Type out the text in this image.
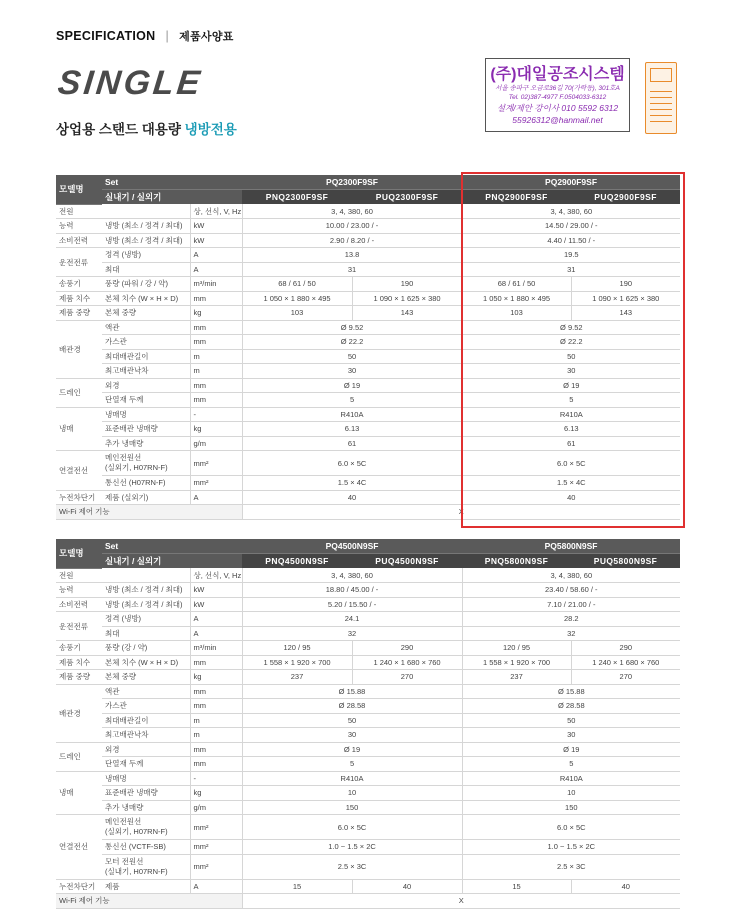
SPECIFICATION | 제품사양표
SINGLE
상업용 스탠드 대용량 냉방전용
(주)대일공조시스템
서울 송파구 오금로36길 70(가락동), 301호A
Tel. 02)387-4977 F.0504033-6312
설계/제안 강이사 010 5592 6312
55926312@hanmail.net
모델명	Set		PQ2300F9SF		PQ2900F9SF	
	실내기 / 실외기		PNQ2300F9SF	PUQ2300F9SF	PNQ2900F9SF	PUQ2900F9SF
전원		상, 선식, V, Hz	3, 4, 380, 60		3, 4, 380, 60	
능력	냉방 (최소 / 정격 / 최대)	kW	10.00 / 23.00 / -		14.50 / 29.00 / -	
소비전력	냉방 (최소 / 정격 / 최대)	kW	2.90 / 8.20 / -		4.40 / 11.50 / -	
운전전류	정격 (냉방)	A	13.8		19.5	
	최대	A	31		31	
송풍기	풍량 (파워 / 강 / 약)	m³/min	68 / 61 / 50	190	68 / 61 / 50	190
제품 치수	본체 치수 (W × H × D)	mm	1 050 × 1 880 × 495	1 090 × 1 625 × 380	1 050 × 1 880 × 495	1 090 × 1 625 × 380
제품 중량	본체 중량	kg	103	143	103	143
배관경	액관	mm	Ø 9.52		Ø 9.52	
	가스관	mm	Ø 22.2		Ø 22.2	
	최대배관길이	m	50		50	
	최고배관낙차	m	30		30	
드레인	외경	mm	Ø 19		Ø 19	
	단열재 두께	mm	5		5	
냉매	냉매명	-	R410A		R410A	
	표준배관 냉매량	kg	6.13		6.13	
	추가 냉매량	g/m	61		61	
연결전선	메인전원선
(실외기, H07RN-F)	mm²	6.0 × 5C		6.0 × 5C	
	통신선 (H07RN-F)	mm²	1.5 × 4C		1.5 × 4C	
누전차단기	제품 (실외기)	A	40		40	
Wi-Fi 제어 기능			X			
모델명	Set		PQ4500N9SF		PQ5800N9SF	
	실내기 / 실외기		PNQ4500N9SF	PUQ4500N9SF	PNQ5800N9SF	PUQ5800N9SF
전원		상, 선식, V, Hz	3, 4, 380, 60		3, 4, 380, 60	
능력	냉방 (최소 / 정격 / 최대)	kW	18.80 / 45.00 / -		23.40 / 58.60 / -	
소비전력	냉방 (최소 / 정격 / 최대)	kW	5.20 / 15.50 / -		7.10 / 21.00 / -	
운전전류	정격 (냉방)	A	24.1		28.2	
	최대	A	32		32	
송풍기	풍량 (강 / 약)	m³/min	120 / 95	290	120 / 95	290
제품 치수	본체 치수 (W × H × D)	mm	1 558 × 1 920 × 700	1 240 × 1 680 × 760	1 558 × 1 920 × 700	1 240 × 1 680 × 760
제품 중량	본체 중량	kg	237	270	237	270
배관경	액관	mm	Ø 15.88		Ø 15.88	
	가스관	mm	Ø 28.58		Ø 28.58	
	최대배관길이	m	50		50	
	최고배관낙차	m	30		30	
드레인	외경	mm	Ø 19		Ø 19	
	단열재 두께	mm	5		5	
냉매	냉매명	-	R410A		R410A	
	표준배관 냉매량	kg	10		10	
	추가 냉매량	g/m	150		150	
연결전선	메인전원선
(실외기, H07RN-F)	mm²	6.0 × 5C		6.0 × 5C	
	통신선 (VCTF-SB)	mm²	1.0 ~ 1.5 × 2C		1.0 ~ 1.5 × 2C	
	모터 전원선
(실내기, H07RN-F)	mm²	2.5 × 3C		2.5 × 3C	
누전차단기	제품	A	15	40	15	40
Wi-Fi 제어 기능			X			
